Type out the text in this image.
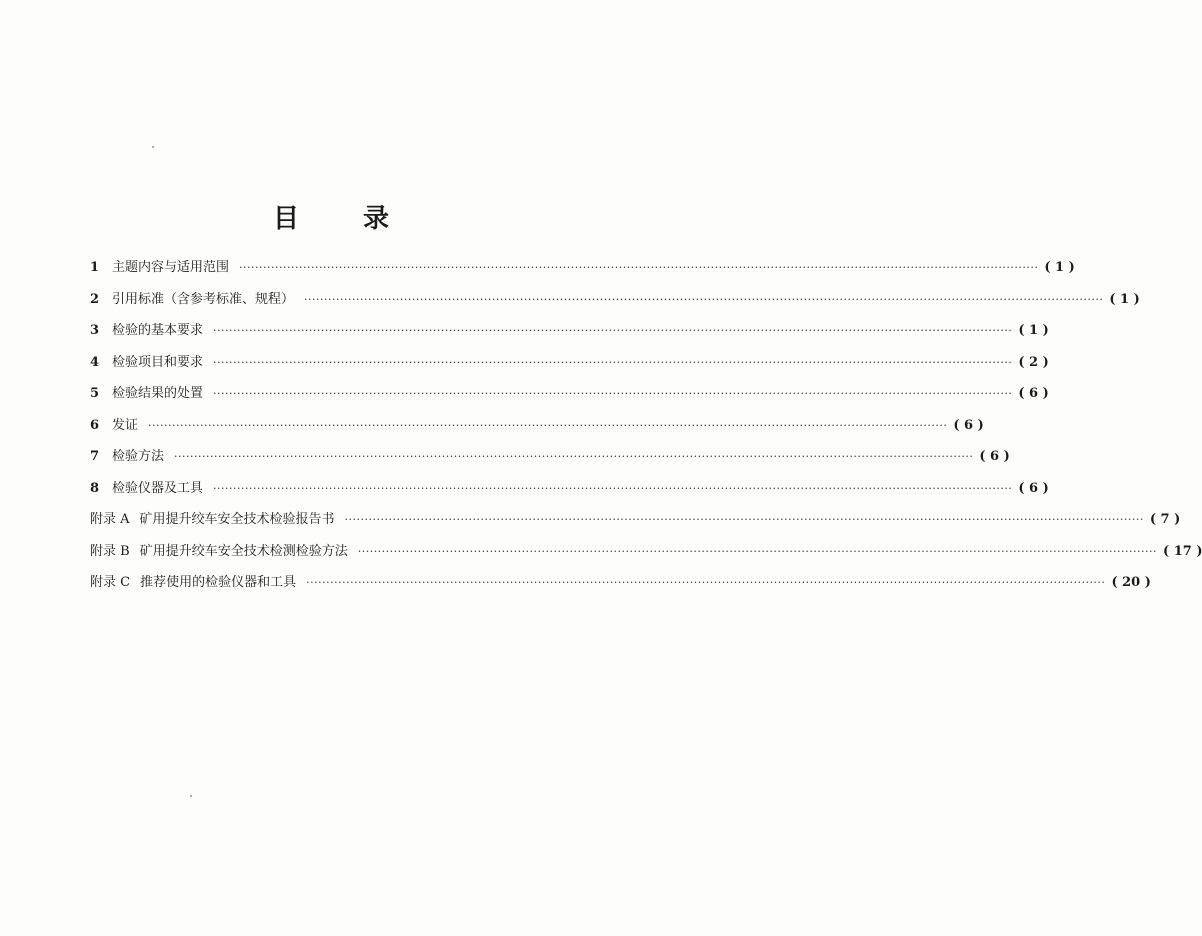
目 录
1 主题内容与适用范围 ········································································································································································································ ( 1 )
2 引用标准（含参考标准、规程） ········································································································································································································ ( 1 )
3 检验的基本要求 ········································································································································································································ ( 1 )
4 检验项目和要求 ········································································································································································································ ( 2 )
5 检验结果的处置 ········································································································································································································ ( 6 )
6 发证 ········································································································································································································ ( 6 )
7 检验方法 ········································································································································································································ ( 6 )
8 检验仪器及工具 ········································································································································································································ ( 6 )
附录 A 矿用提升绞车安全技术检验报告书 ········································································································································································································ ( 7 )
附录 B 矿用提升绞车安全技术检测检验方法 ········································································································································································································ ( 17 )
附录 C 推荐使用的检验仪器和工具 ········································································································································································································ ( 20 )
